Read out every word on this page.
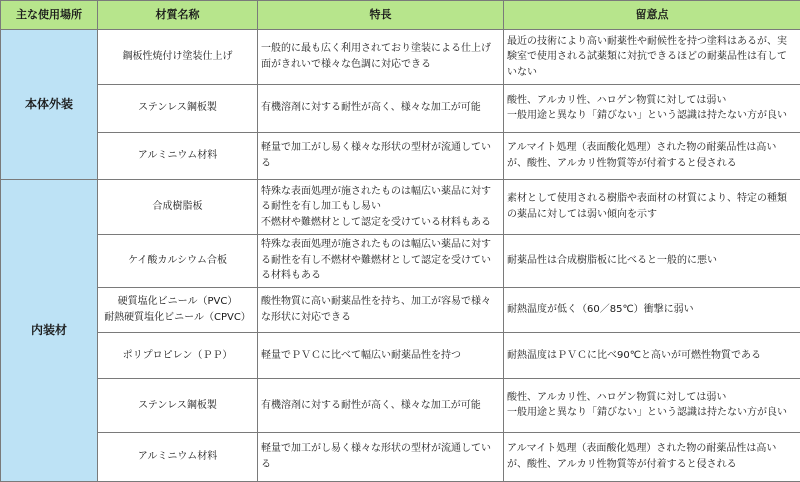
主な使用場所	材質名称	特長	留意点
本体外装	鋼板性焼付け塗装仕上げ	一般的に最も広く利用されており塗装による仕上げ
面がきれいで様々な色調に対応できる	最近の技術により高い耐薬性や耐候性を持つ塗料はあるが、実
験室で使用される試薬類に対抗できるほどの耐薬品性は有して
いない

	ステンレス鋼板製	有機溶剤に対する耐性が高く、様々な加工が可能	酸性、アルカリ性、ハロゲン物質に対しては弱い
一般用途と異なり「錆びない」という認識は持たない方が良い

	アルミニウム材料	軽量で加工がし易く様々な形状の型材が流通してい
る	アルマイト処理（表面酸化処理）された物の耐薬品性は高い
が、酸性、アルカリ性物質等が付着すると侵される

内装材	合成樹脂板	特殊な表面処理が施されたものは幅広い薬品に対す
る耐性を有し加工もし易い
不燃材や難燃材として認定を受けている材料もある	素材として使用される樹脂や表面材の材質により、特定の種類
の薬品に対しては弱い傾向を示す

	ケイ酸カルシウム合板	特殊な表面処理が施されたものは幅広い薬品に対す
る耐性を有し不燃材や難燃材として認定を受けてい
る材料もある	耐薬品性は合成樹脂板に比べると一般的に悪い

	硬質塩化ビニール（PVC）
耐熱硬質塩化ビニール（CPVC）	酸性物質に高い耐薬品性を持ち、加工が容易で様々
な形状に対応できる	耐熱温度が低く（60／85℃）衝撃に弱い

	ポリプロピレン（ＰＰ）	軽量でＰＶＣに比べて幅広い耐薬品性を持つ	耐熱温度はＰＶＣに比べ90℃と高いが可燃性物質である

	ステンレス鋼板製	有機溶剤に対する耐性が高く、様々な加工が可能	酸性、アルカリ性、ハロゲン物質に対しては弱い
一般用途と異なり「錆びない」という認識は持たない方が良い

	アルミニウム材料	軽量で加工がし易く様々な形状の型材が流通してい
る	アルマイト処理（表面酸化処理）された物の耐薬品性は高い
が、酸性、アルカリ性物質等が付着すると侵される
